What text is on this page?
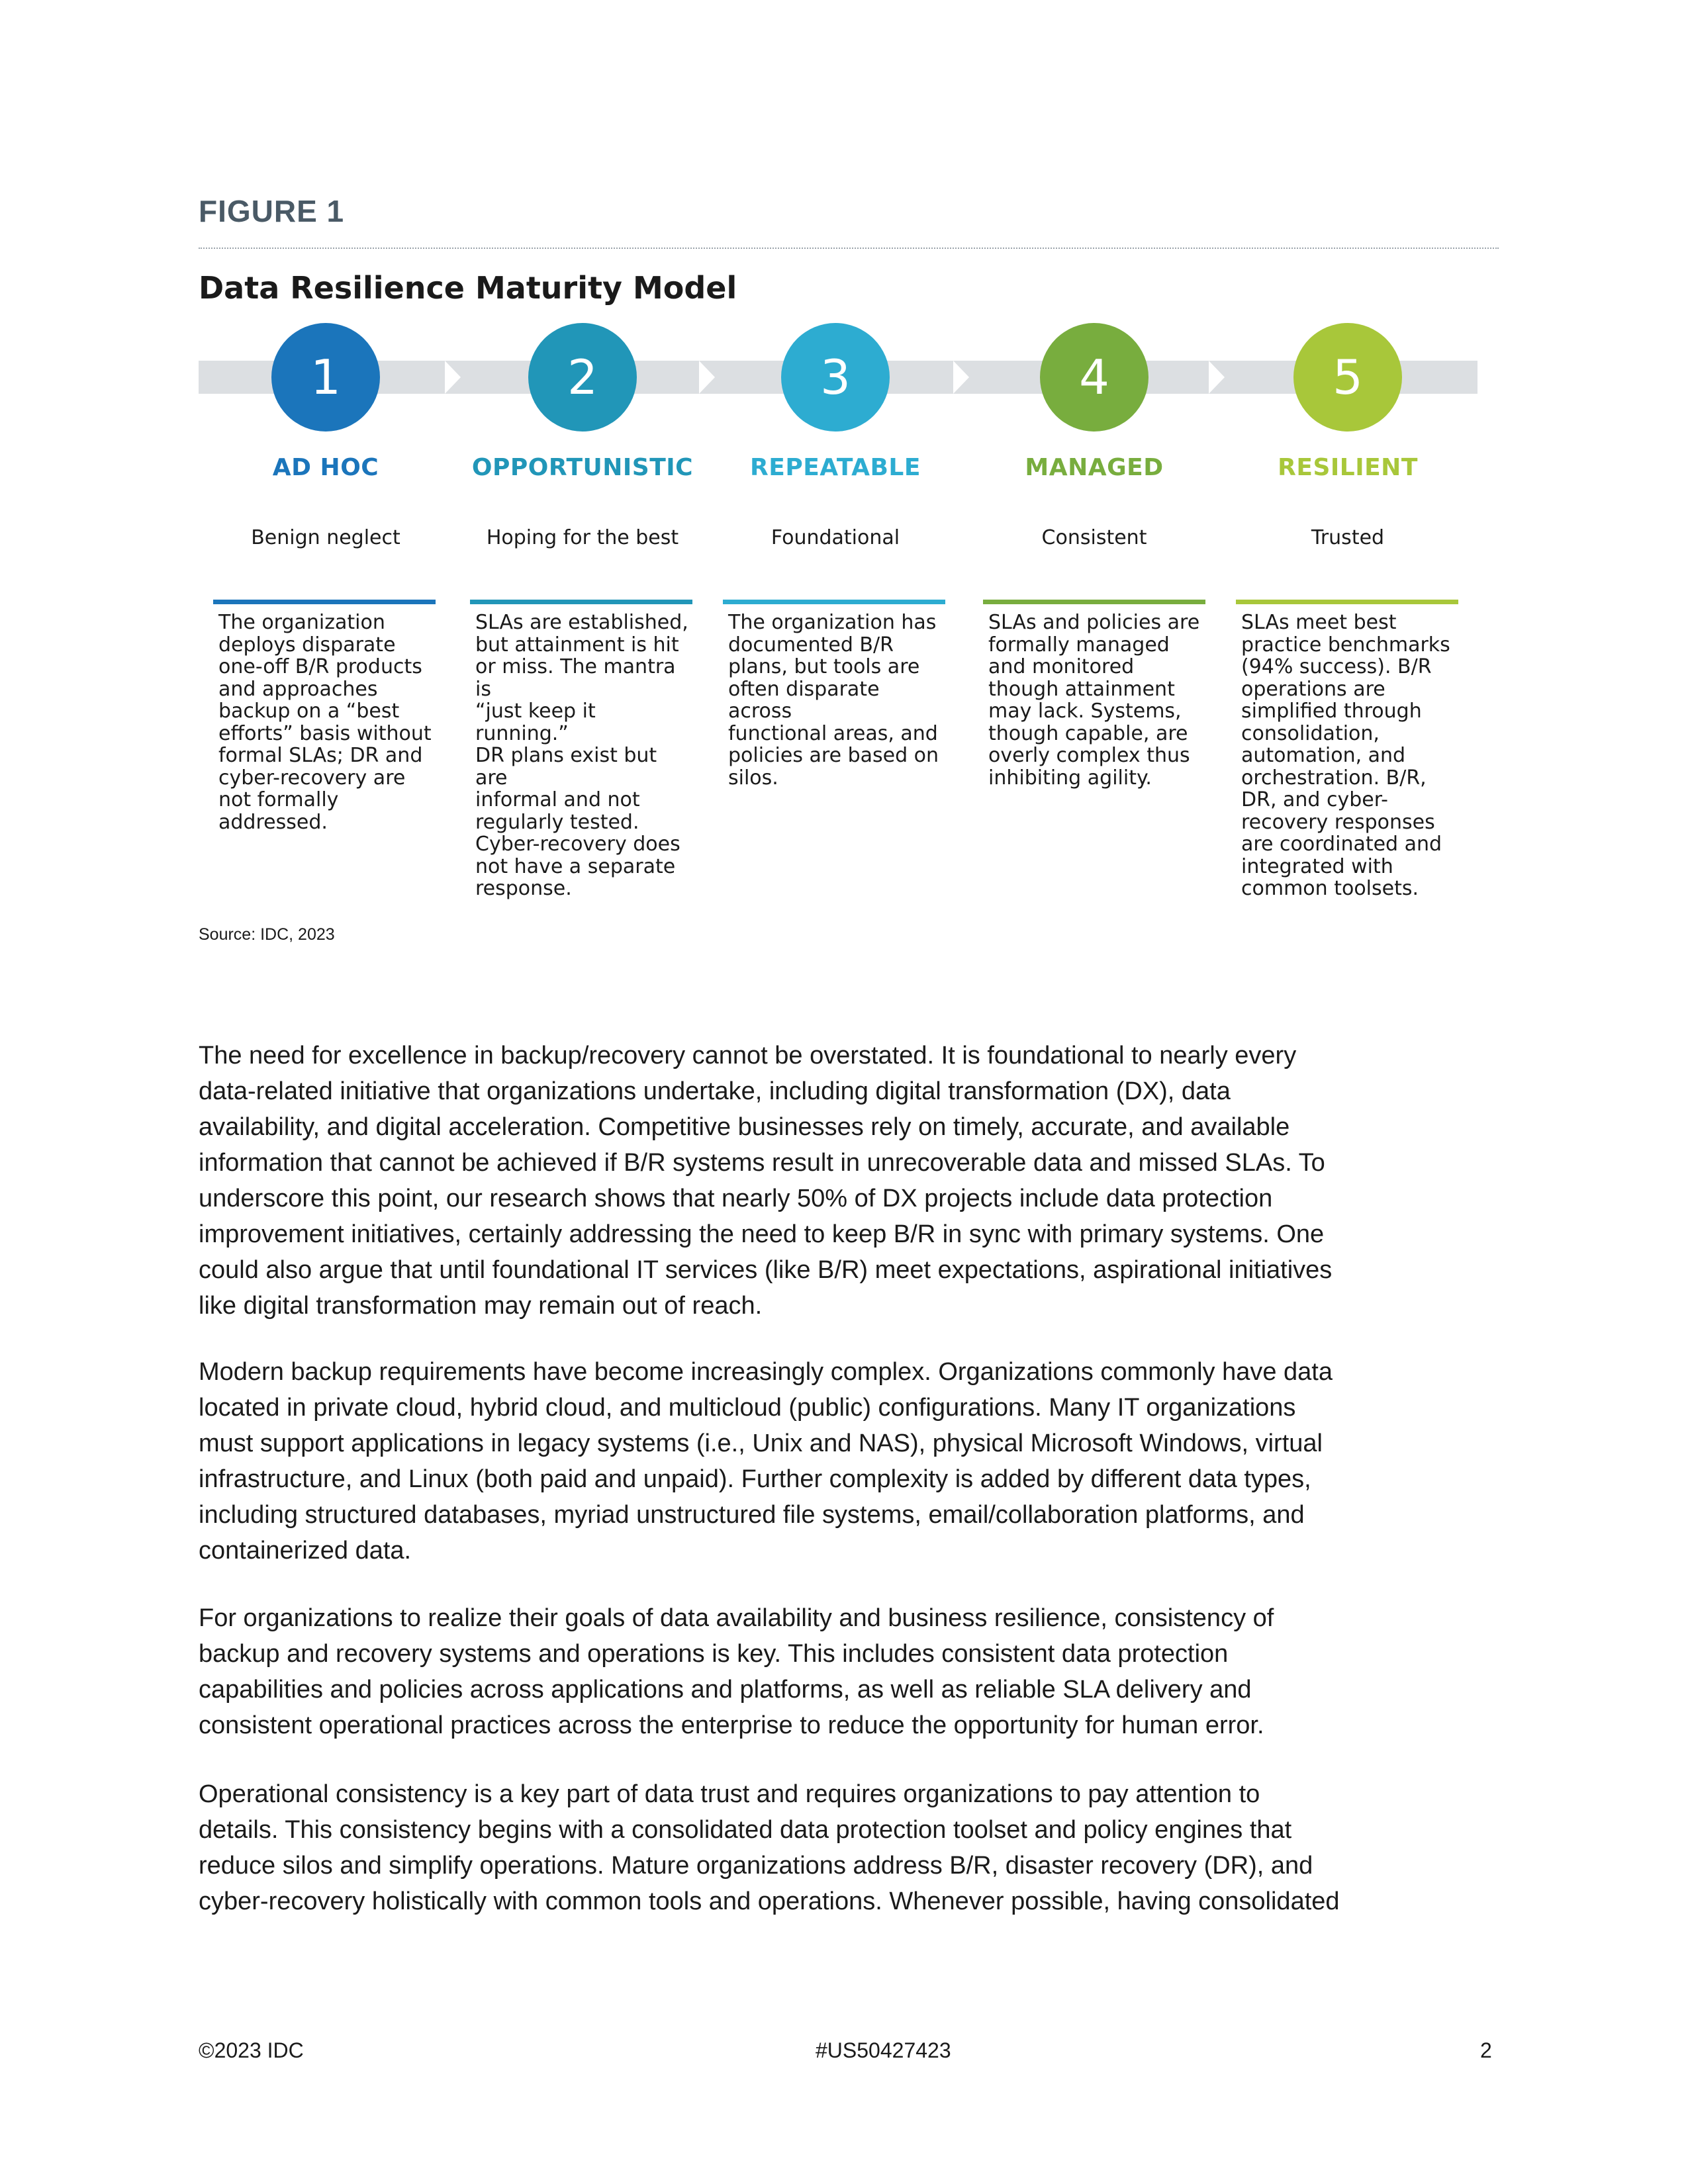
FIGURE 1
Data Resilience Maturity Model
1
AD HOC
Benign neglect
The organization
deploys disparate
one-off B/R products
and approaches
backup on a “best
efforts” basis without
formal SLAs; DR and
cyber-recovery are
not formally
addressed.
2
OPPORTUNISTIC
Hoping for the best
SLAs are established,
but attainment is hit
or miss. The mantra is
“just keep it running.”
DR plans exist but are
informal and not
regularly tested.
Cyber-recovery does
not have a separate
response.
3
REPEATABLE
Foundational
The organization has
documented B/R
plans, but tools are
often disparate across
functional areas, and
policies are based on
silos.
4
MANAGED
Consistent
SLAs and policies are
formally managed
and monitored
though attainment
may lack. Systems,
though capable, are
overly complex thus
inhibiting agility.
5
RESILIENT
Trusted
SLAs meet best
practice benchmarks
(94% success). B/R
operations are
simplified through
consolidation,
automation, and
orchestration. B/R,
DR, and cyber-
recovery responses
are coordinated and
integrated with
common toolsets.
Source: IDC, 2023
The need for excellence in backup/recovery cannot be overstated. It is foundational to nearly every
data-related initiative that organizations undertake, including digital transformation (DX), data
availability, and digital acceleration. Competitive businesses rely on timely, accurate, and available
information that cannot be achieved if B/R systems result in unrecoverable data and missed SLAs. To
underscore this point, our research shows that nearly 50% of DX projects include data protection
improvement initiatives, certainly addressing the need to keep B/R in sync with primary systems. One
could also argue that until foundational IT services (like B/R) meet expectations, aspirational initiatives
like digital transformation may remain out of reach.
Modern backup requirements have become increasingly complex. Organizations commonly have data
located in private cloud, hybrid cloud, and multicloud (public) configurations. Many IT organizations
must support applications in legacy systems (i.e., Unix and NAS), physical Microsoft Windows, virtual
infrastructure, and Linux (both paid and unpaid). Further complexity is added by different data types,
including structured databases, myriad unstructured file systems, email/collaboration platforms, and
containerized data.
For organizations to realize their goals of data availability and business resilience, consistency of
backup and recovery systems and operations is key. This includes consistent data protection
capabilities and policies across applications and platforms, as well as reliable SLA delivery and
consistent operational practices across the enterprise to reduce the opportunity for human error.
Operational consistency is a key part of data trust and requires organizations to pay attention to
details. This consistency begins with a consolidated data protection toolset and policy engines that
reduce silos and simplify operations. Mature organizations address B/R, disaster recovery (DR), and
cyber-recovery holistically with common tools and operations. Whenever possible, having consolidated
©2023 IDC	#US50427423	2
